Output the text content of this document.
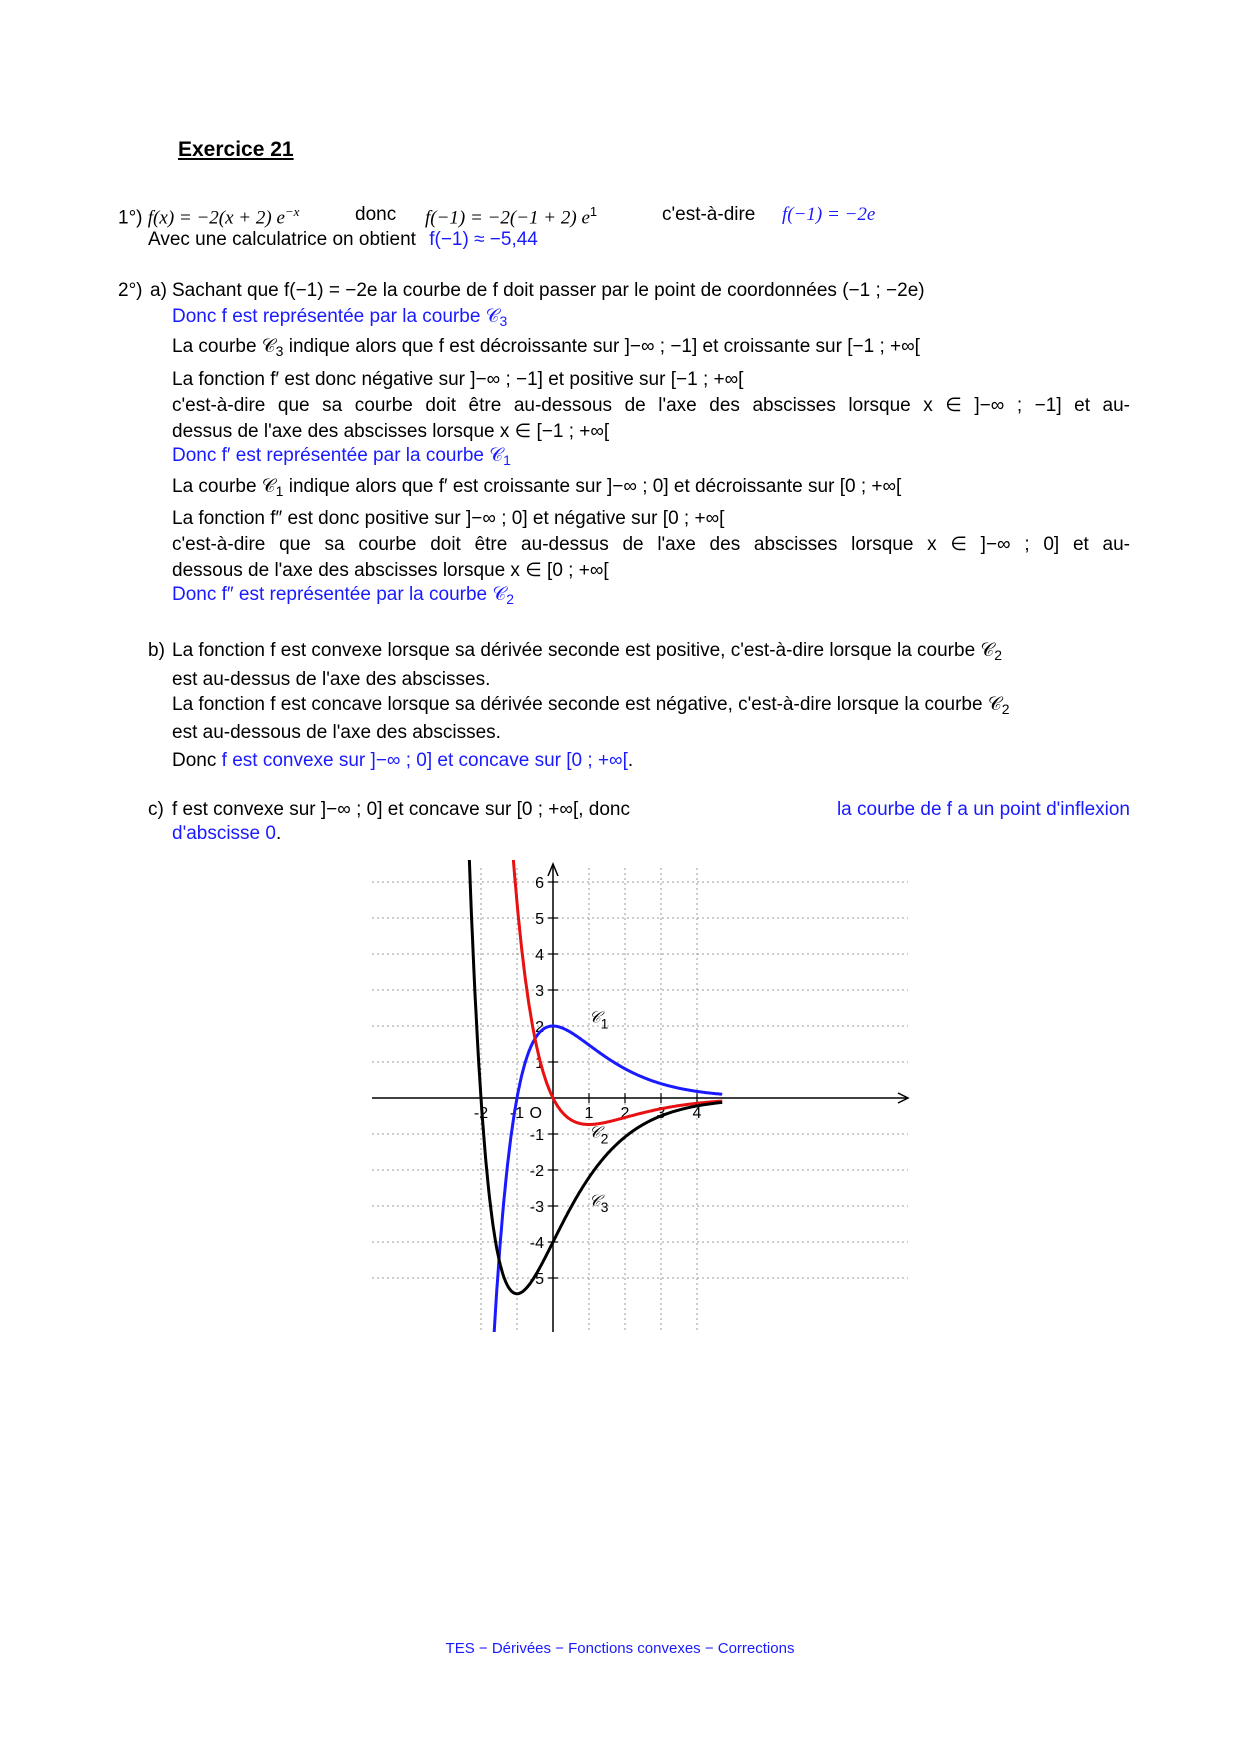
Exercice 21
1°) f(x) = −2(x + 2) $e^{-x}$	donc f(−1) = −2(−1 + 2) $e^1$	c'est-à-dire f(−1) = −2e
Avec une calculatrice on obtient f(−1) ≈ −5,44
2°) a) Sachant que f(−1) = −2e la courbe de f doit passer par le point de coordonnées (−1 ; −2e)
Donc f est représentée par la courbe 𝒞$_3$
La courbe 𝒞$_3$ indique alors que f est décroissante sur ]−∞ ; −1] et croissante sur [−1 ; +∞[
La fonction f′ est donc négative sur ]−∞ ; −1] et positive sur [−1 ; +∞[
c'est-à-dire que sa courbe doit être au-dessous de l'axe des abscisses lorsque x ∈ ]−∞ ; −1] et au-
dessus de l'axe des abscisses lorsque x ∈ [−1 ; +∞[
Donc f′ est représentée par la courbe 𝒞$_1$
La courbe 𝒞$_1$ indique alors que f′ est croissante sur ]−∞ ; 0] et décroissante sur [0 ; +∞[
La fonction f″ est donc positive sur ]−∞ ; 0] et négative sur [0 ; +∞[
c'est-à-dire que sa courbe doit être au-dessus de l'axe des abscisses lorsque x ∈ ]−∞ ; 0] et au-
dessous de l'axe des abscisses lorsque x ∈ [0 ; +∞[
Donc f″ est représentée par la courbe 𝒞$_2$
b) La fonction f est convexe lorsque sa dérivée seconde est positive, c'est-à-dire lorsque la courbe 𝒞$_2$
est au-dessus de l'axe des abscisses.
La fonction f est concave lorsque sa dérivée seconde est négative, c'est-à-dire lorsque la courbe 𝒞$_2$
est au-dessous de l'axe des abscisses.
Donc f est convexe sur ]−∞ ; 0] et concave sur [0 ; +∞[.
c) f est convexe sur ]−∞ ; 0] et concave sur [0 ; +∞[, donc	la courbe de f a un point d'inflexion
d'abscisse 0.
-2 -1	1 2 3 4
-5
-4
-3
-2
-1
1
2
3
4
5
6
O
𝒞1
𝒞2
𝒞3
TES − Dérivées − Fonctions convexes − Corrections
